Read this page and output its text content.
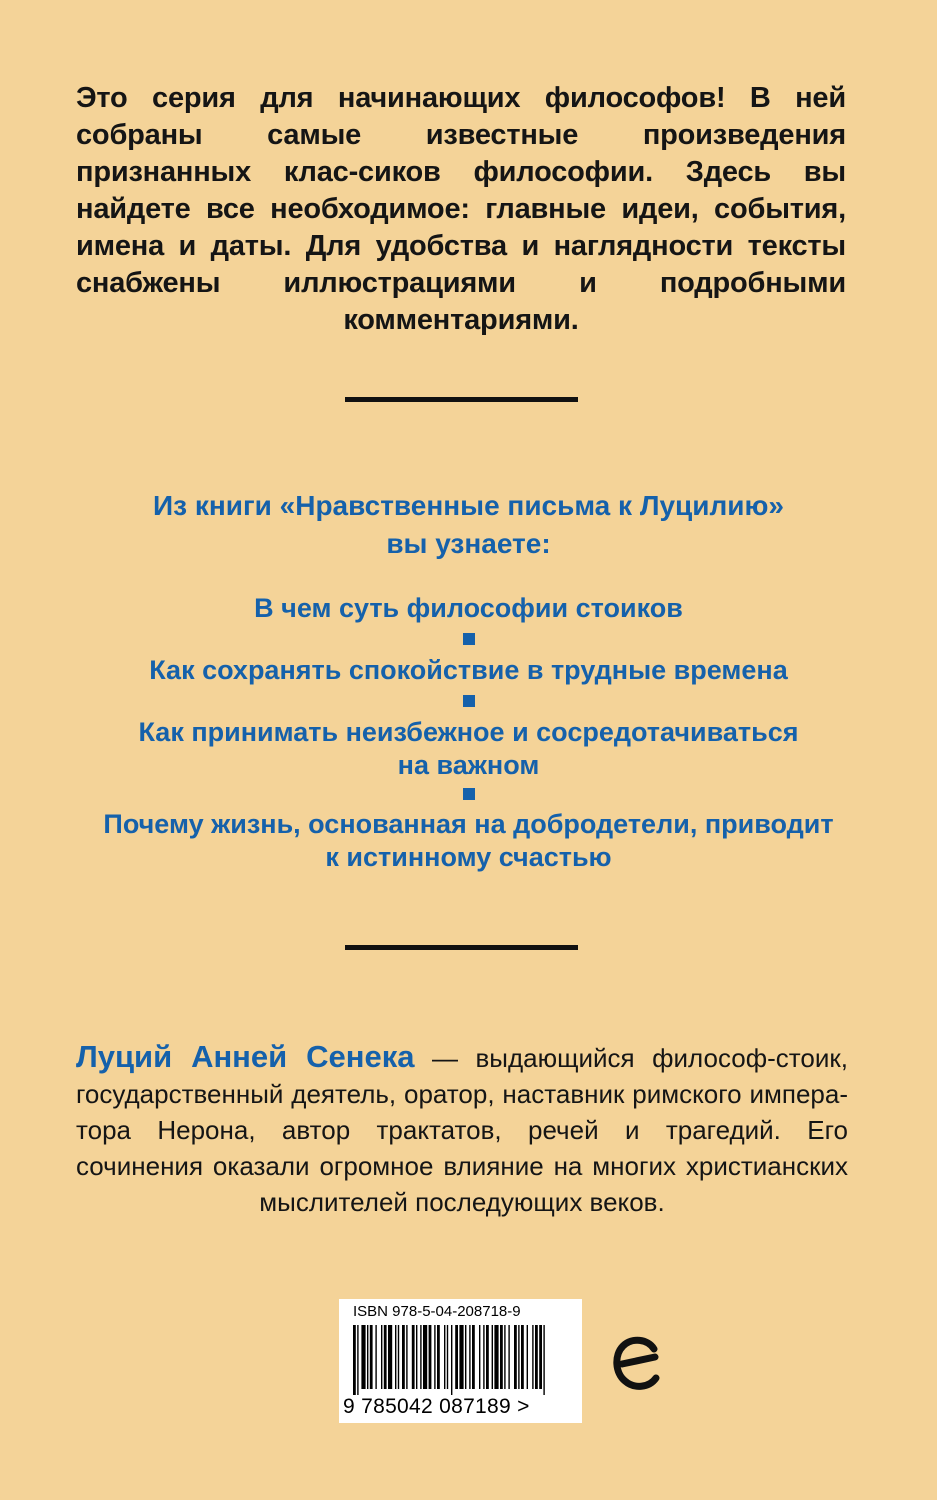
Это серия для начинающих философов! В ней собраны самые известные произведения признанных клас-сиков философии. Здесь вы найдете все необходимое: главные идеи, события, имена и даты. Для удобства и наглядности тексты снабжены иллюстрациями и подробными комментариями.
Из книги «Нравственные письма к Луцилию»
вы узнаете:
В чем суть философии стоиков
Как сохранять спокойствие в трудные времена
Как принимать неизбежное и сосредотачиваться
на важном
Почему жизнь, основанная на добродетели, приводит
к истинному счастью
Луций Анней Сенека — выдающийся философ-стоик, государственный деятель, оратор, наставник римского импера-тора Нерона, автор трактатов, речей и трагедий. Его сочинения оказали огромное влияние на многих христианских мыслителей последующих веков.
ISBN 978-5-04-208718-9
9 785042 087189 >
